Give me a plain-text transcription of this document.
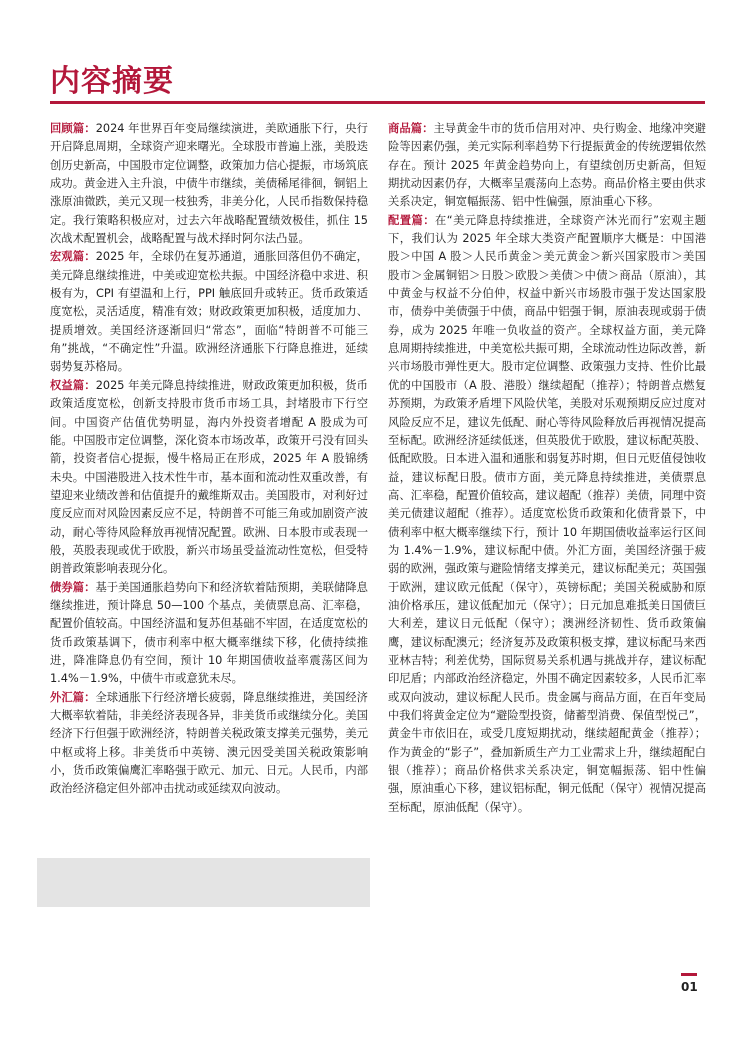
内容摘要

回顾篇：2024 年世界百年变局继续演进，美欧通胀下行，央行开启降息周期，全球资产迎来曙光。全球股市普遍上涨，美股迭创历史新高，中国股市定位调整，政策加力信心提振，市场筑底成功。黄金进入主升浪，中债牛市继续，美债稀尾徘徊，铜铝上涨原油微跌，美元又现一枝独秀，非美分化，人民币指数保持稳定。我行策略积极应对，过去六年战略配置绩效极佳，抓住 15 次战术配置机会，战略配置与战术择时阿尔法凸显。

宏观篇：2025 年，全球仍在复苏通道，通胀回落但仍不确定，美元降息继续推进，中美或迎宽松共振。中国经济稳中求进、积极有为，CPI 有望温和上行，PPI 触底回升或转正。货币政策适度宽松，灵活适度，精准有效；财政政策更加积极，适度加力、提质增效。美国经济逐渐回归“常态”，面临“特朗普不可能三角”挑战，“不确定性”升温。欧洲经济通胀下行降息推进，延续弱势复苏格局。

权益篇：2025 年美元降息持续推进，财政政策更加积极，货币政策适度宽松，创新支持股市货币市场工具，封堵股市下行空间。中国资产估值优势明显，海内外投资者增配 A 股成为可能。中国股市定位调整，深化资本市场改革，政策开弓没有回头箭，投资者信心提振，慢牛格局正在形成，2025 年 A 股锦绣未央。中国港股进入技术性牛市，基本面和流动性双重改善，有望迎来业绩改善和估值提升的戴维斯双击。美国股市，对利好过度反应而对风险因素反应不足，特朗普不可能三角或加剧资产波动，耐心等待风险释放再视情况配置。欧洲、日本股市或表现一般，英股表现或优于欧股，新兴市场虽受益流动性宽松，但受特朗普政策影响表现分化。

债券篇：基于美国通胀趋势向下和经济软着陆预期，美联储降息继续推进，预计降息 50—100 个基点，美债票息高、汇率稳，配置价值较高。中国经济温和复苏但基础不牢固，在适度宽松的货币政策基调下，债市利率中枢大概率继续下移，化债持续推进，降准降息仍有空间，预计 10 年期国债收益率震荡区间为 1.4%－1.9%，中债牛市或意犹未尽。

外汇篇：全球通胀下行经济增长疲弱，降息继续推进，美国经济大概率软着陆，非美经济表现各异，非美货币或继续分化。美国经济下行但强于欧洲经济，特朗普关税政策支撑美元强势，美元中枢或将上移。非美货币中英镑、澳元因受美国关税政策影响小，货币政策偏鹰汇率略强于欧元、加元、日元。人民币，内部政治经济稳定但外部冲击扰动或延续双向波动。

商品篇：主导黄金牛市的货币信用对冲、央行购金、地缘冲突避险等因素仍强，美元实际利率趋势下行提振黄金的传统逻辑依然存在。预计 2025 年黄金趋势向上，有望续创历史新高，但短期扰动因素仍存，大概率呈震荡向上态势。商品价格主要由供求关系决定，铜宽幅振荡、铝中性偏强，原油重心下移。

配置篇：在“美元降息持续推进，全球资产沐光而行”宏观主题下，我们认为 2025 年全球大类资产配置顺序大概是：中国港股＞中国 A 股＞人民币黄金＞美元黄金＞新兴国家股市＞美国股市＞金属铜铝＞日股＞欧股＞美债＞中债＞商品（原油），其中黄金与权益不分伯仲，权益中新兴市场股市强于发达国家股市，债券中美债强于中债，商品中铝强于铜，原油表现或弱于债券，成为 2025 年唯一负收益的资产。全球权益方面，美元降息周期持续推进，中美宽松共振可期，全球流动性边际改善，新兴市场股市弹性更大。股市定位调整、政策强力支持、性价比最优的中国股市（A 股、港股）继续超配（推荐）；特朗普点燃复苏预期，为政策矛盾埋下风险伏笔，美股对乐观预期反应过度对风险反应不足，建议先低配、耐心等待风险释放后再视情况提高至标配。欧洲经济延续低迷，但英股优于欧股，建议标配英股、低配欧股。日本进入温和通胀和弱复苏时期，但日元贬值侵蚀收益，建议标配日股。债市方面，美元降息持续推进，美债票息高、汇率稳，配置价值较高，建议超配（推荐）美债，同理中资美元债建议超配（推荐）。适度宽松货币政策和化债背景下，中债利率中枢大概率继续下行，预计 10 年期国债收益率运行区间为 1.4%－1.9%，建议标配中债。外汇方面，美国经济强于疲弱的欧洲，强政策与避险情绪支撑美元，建议标配美元；英国强于欧洲，建议欧元低配（保守），英镑标配；美国关税威胁和原油价格承压，建议低配加元（保守）；日元加息难抵美日国债巨大利差，建议日元低配（保守）；澳洲经济韧性、货币政策偏鹰，建议标配澳元；经济复苏及政策积极支撑，建议标配马来西亚林吉特；利差优势，国际贸易关系机遇与挑战并存，建议标配印尼盾；内部政治经济稳定，外围不确定因素较多，人民币汇率或双向波动，建议标配人民币。贵金属与商品方面，在百年变局中我们将黄金定位为“避险型投资，储蓄型消费、保值型悦己”，黄金牛市依旧在，或受几度短期扰动，继续超配黄金（推荐）；作为黄金的“影子”，叠加新质生产力工业需求上升，继续超配白银（推荐）；商品价格供求关系决定，铜宽幅振荡、铝中性偏强，原油重心下移，建议铝标配，铜元低配（保守）视情况提高至标配，原油低配（保守）。

01
